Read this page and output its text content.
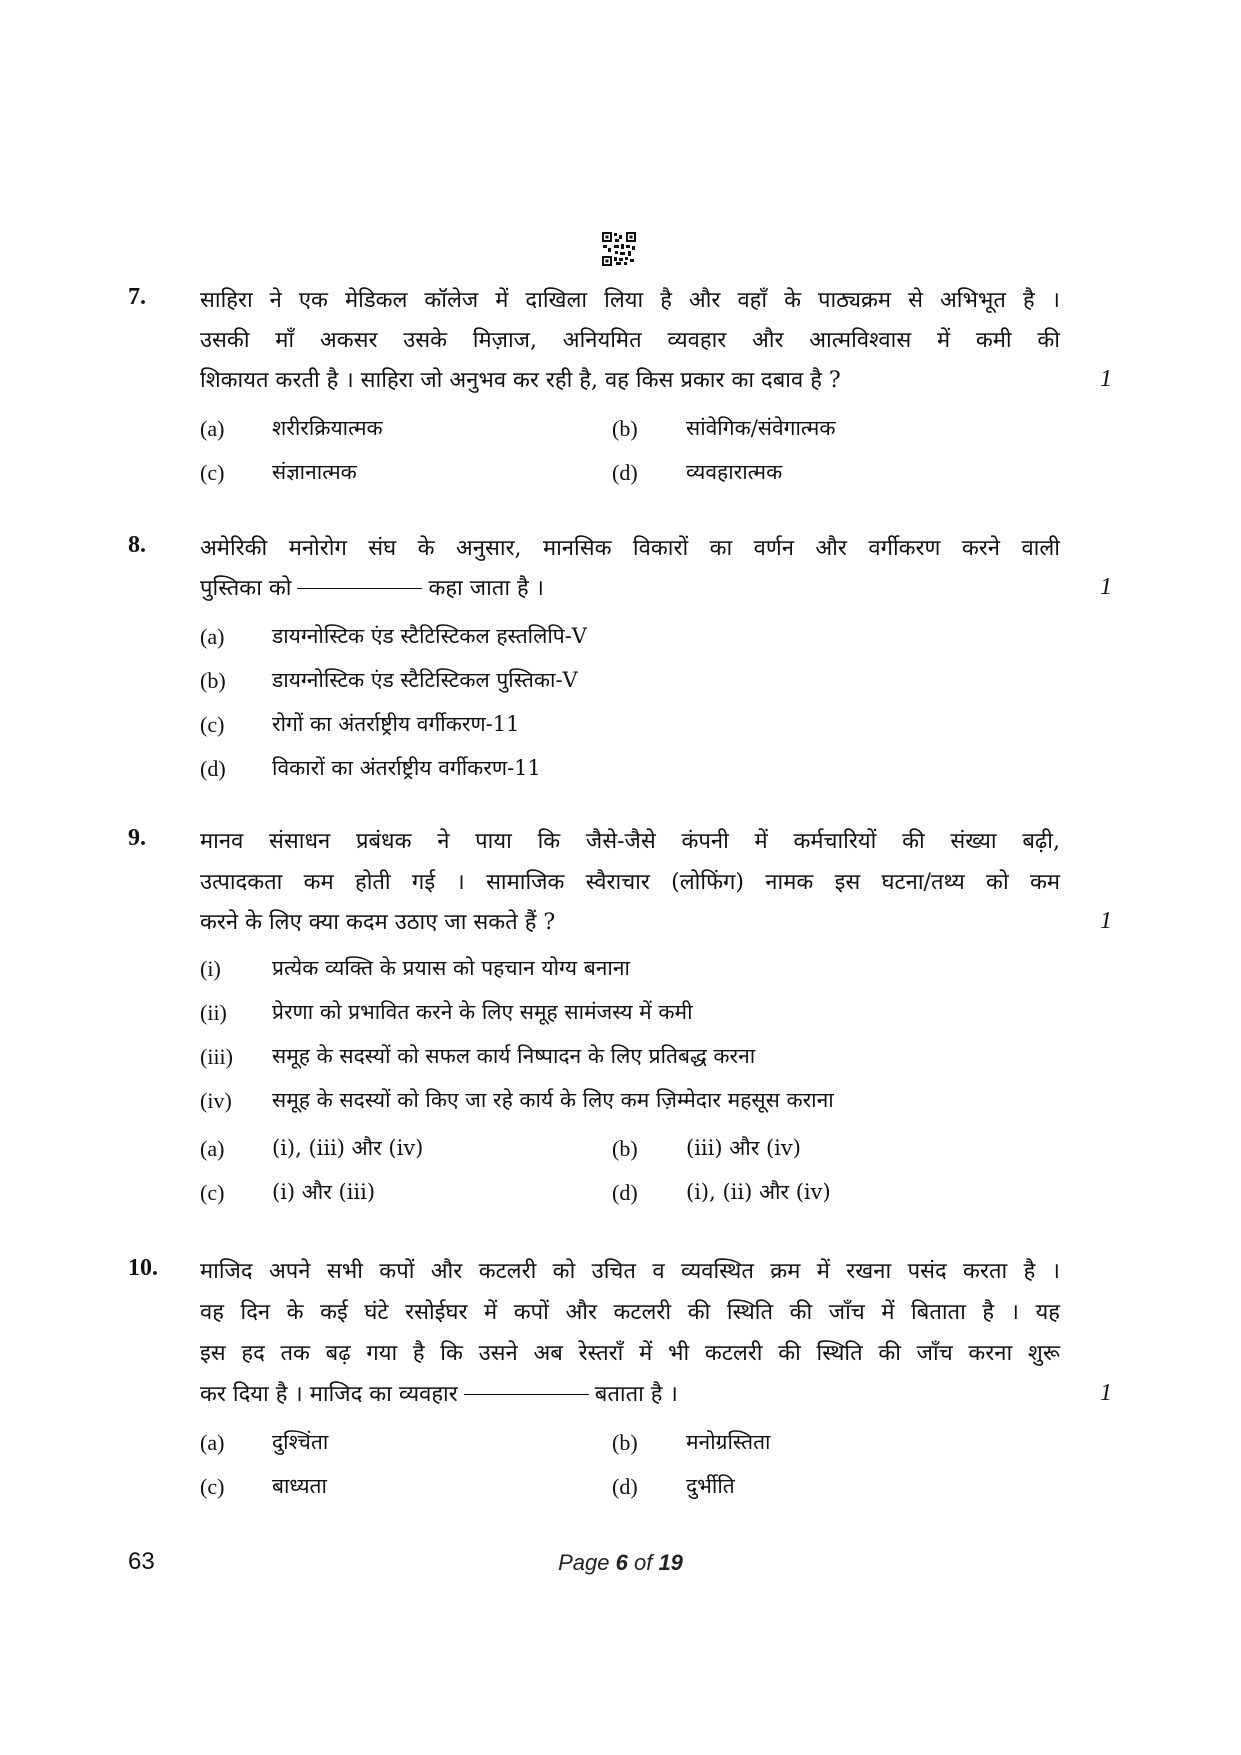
7. साहिरा ने एक मेडिकल कॉलेज में दाखिला लिया है और वहाँ के पाठ्यक्रम से अभिभूत है ।
उसकी माँ अकसर उसके मिज़ाज, अनियमित व्यवहार और आत्मविश्वास में कमी की
शिकायत करती है । साहिरा जो अनुभव कर रही है, वह किस प्रकार का दबाव है ?	1
(a) शरीरक्रियात्मक	(b) सांवेगिक/संवेगात्मक
(c) संज्ञानात्मक	(d) व्यवहारात्मक
8. अमेरिकी मनोरोग संघ के अनुसार, मानसिक विकारों का वर्णन और वर्गीकरण करने वाली
पुस्तिका को	कहा जाता है ।	1
(a) डायग्नोस्टिक एंड स्टैटिस्टिकल हस्तलिपि-V
(b) डायग्नोस्टिक एंड स्टैटिस्टिकल पुस्तिका-V
(c) रोगों का अंतर्राष्ट्रीय वर्गीकरण-11
(d) विकारों का अंतर्राष्ट्रीय वर्गीकरण-11
9. मानव संसाधन प्रबंधक ने पाया कि जैसे-जैसे कंपनी में कर्मचारियों की संख्या बढ़ी,
उत्पादकता कम होती गई । सामाजिक स्वैराचार (लोफिंग) नामक इस घटना/तथ्य को कम
करने के लिए क्या कदम उठाए जा सकते हैं ?	1
(i) प्रत्येक व्यक्ति के प्रयास को पहचान योग्य बनाना
(ii) प्रेरणा को प्रभावित करने के लिए समूह सामंजस्य में कमी
(iii) समूह के सदस्यों को सफल कार्य निष्पादन के लिए प्रतिबद्ध करना
(iv) समूह के सदस्यों को किए जा रहे कार्य के लिए कम ज़िम्मेदार महसूस कराना
(a) (i), (iii) और (iv)	(b) (iii) और (iv)
(c) (i) और (iii)	(d) (i), (ii) और (iv)
10. माजिद अपने सभी कपों और कटलरी को उचित व व्यवस्थित क्रम में रखना पसंद करता है ।
वह दिन के कई घंटे रसोईघर में कपों और कटलरी की स्थिति की जाँच में बिताता है । यह
इस हद तक बढ़ गया है कि उसने अब रेस्तराँ में भी कटलरी की स्थिति की जाँच करना शुरू
कर दिया है । माजिद का व्यवहार	बताता है ।	1
(a) दुश्चिंता	(b) मनोग्रस्तिता
(c) बाध्यता	(d) दुर्भीति
63	Page 6 of 19
